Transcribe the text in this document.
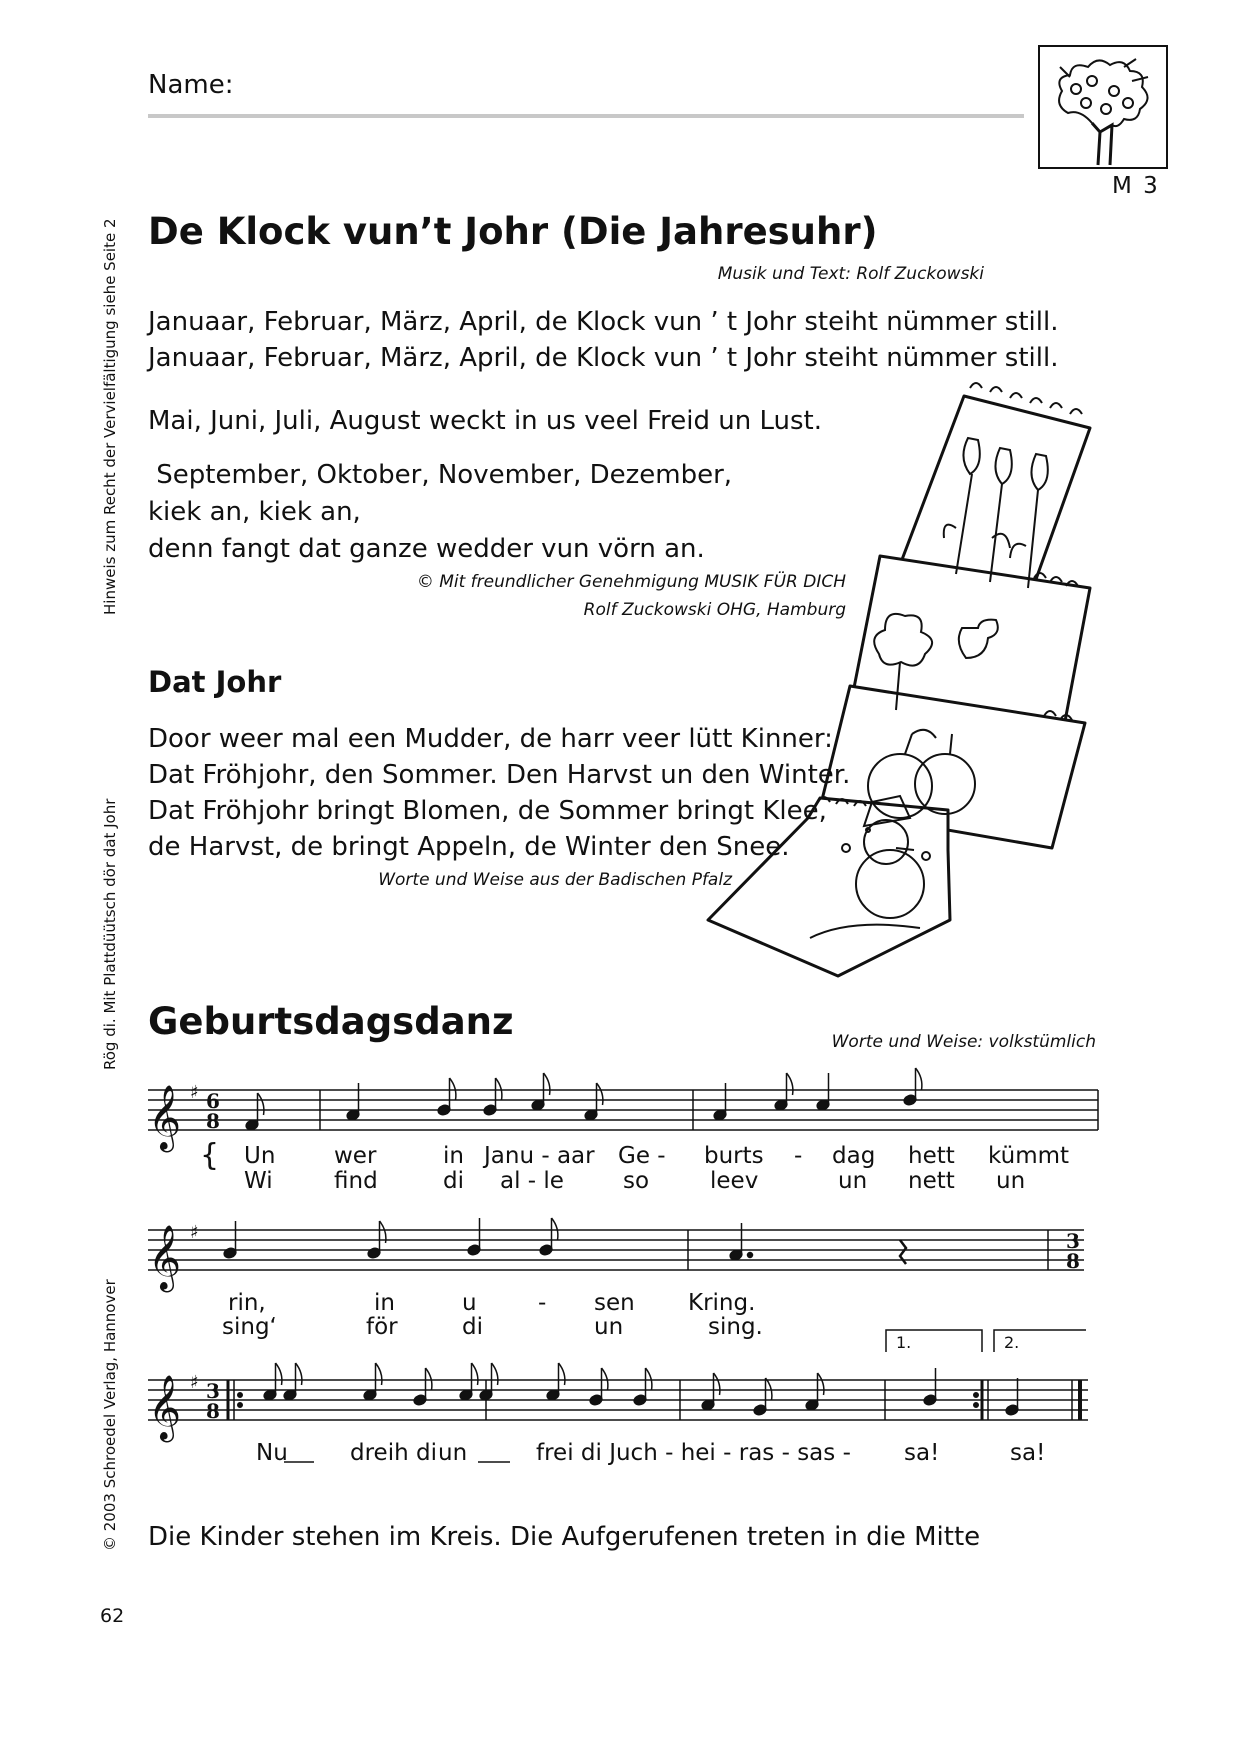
Name:
M 3
Hinweis zum Recht der Vervielfältigung siehe Seite 2
Rög di. Mit Plattdüütsch dör dat Johr
© 2003 Schroedel Verlag, Hannover
62
De Klock vun’t Johr (Die Jahresuhr)
Musik und Text: Rolf Zuckowski
Januaar, Februar, März, April, de Klock vun ’ t Johr steiht nümmer still.
Januaar, Februar, März, April, de Klock vun ’ t Johr steiht nümmer still.
Mai, Juni, Juli, August weckt in us veel Freid un Lust.
September, Oktober, November, Dezember,
kiek an, kiek an,
denn fangt dat ganze wedder vun vörn an.
© Mit freundlicher Genehmigung MUSIK FÜR DICH
Rolf Zuckowski OHG, Hamburg
Dat Johr
Door weer mal een Mudder, de harr veer lütt Kinner:
Dat Fröhjohr, den Sommer. Den Harvst un den Winter.
Dat Fröhjohr bringt Blomen, de Sommer bringt Klee,
de Harvst, de bringt Appeln, de Winter den Snee.
Worte und Weise aus der Badischen Pfalz
Geburtsdagsdanz	Worte und Weise: volkstümlich
𝄞
𝄞
𝄞
♯
♯
♯
6
8
3
8
3
8
{ Un	wer	in Janu - aar Ge - burts - dag hett kümmt
Wi	find	di al - le	so	leev	un nett un
rin,	in	u	- sen Kring.
sing‘	för	di	un	sing.
Nu	dreih di un	frei di Juch - hei - ras - sas - sa!	sa!
1.	2.
Die Kinder stehen im Kreis. Die Aufgerufenen treten in die Mitte
